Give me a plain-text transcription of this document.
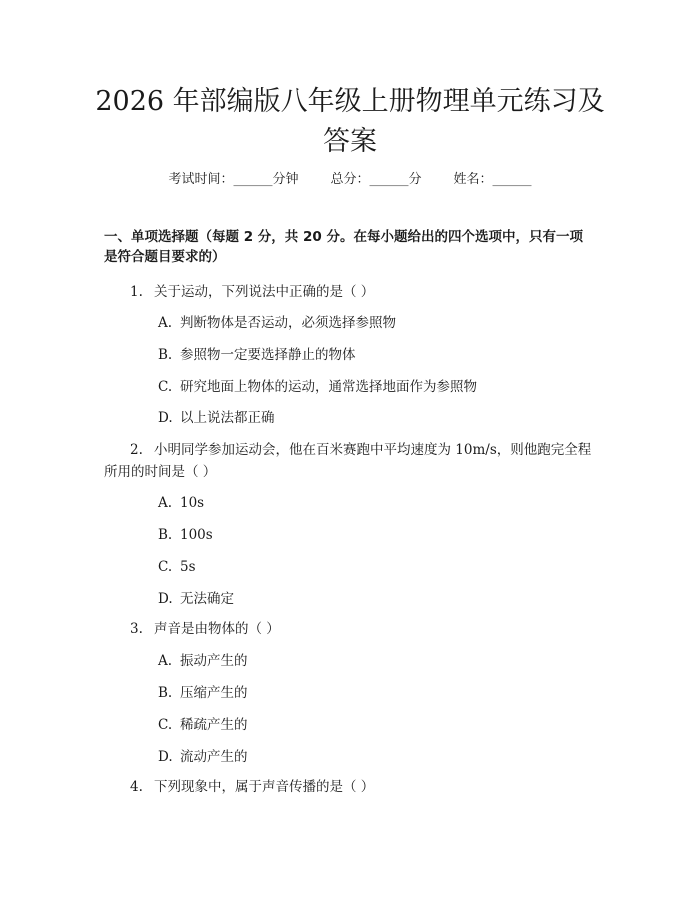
2026 年部编版八年级上册物理单元练习及答案
考试时间：______分钟 总分：______分 姓名：______
一、单项选择题（每题 2 分，共 20 分。在每小题给出的四个选项中，只有一项是符合题目要求的）
1. 关于运动，下列说法中正确的是（ ）
A. 判断物体是否运动，必须选择参照物
B. 参照物一定要选择静止的物体
C. 研究地面上物体的运动，通常选择地面作为参照物
D. 以上说法都正确
2. 小明同学参加运动会，他在百米赛跑中平均速度为 10m/s，则他跑完全程所用的时间是（ ）
A. 10s
B. 100s
C. 5s
D. 无法确定
3. 声音是由物体的（ ）
A. 振动产生的
B. 压缩产生的
C. 稀疏产生的
D. 流动产生的
4. 下列现象中，属于声音传播的是（ ）
